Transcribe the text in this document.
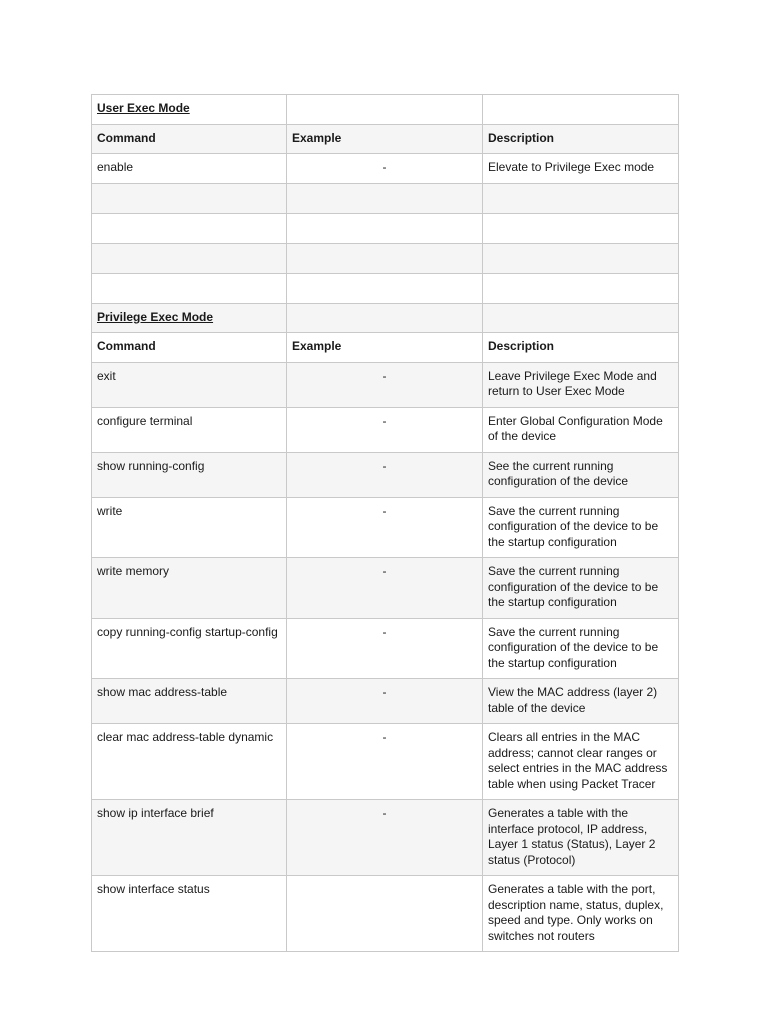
User Exec Mode		
Command	Example	Description
enable	-	Elevate to Privilege Exec mode

Privilege Exec Mode		
Command	Example	Description
exit	-	Leave Privilege Exec Mode and return to User Exec Mode
configure terminal	-	Enter Global Configuration Mode of the device
show running-config	-	See the current running configuration of the device
write	-	Save the current running configuration of the device to be the startup configuration
write memory	-	Save the current running configuration of the device to be the startup configuration
copy running-config startup-config	-	Save the current running configuration of the device to be the startup configuration
show mac address-table	-	View the MAC address (layer 2) table of the device
clear mac address-table dynamic	-	Clears all entries in the MAC address; cannot clear ranges or select entries in the MAC address table when using Packet Tracer
show ip interface brief	-	Generates a table with the interface protocol, IP address, Layer 1 status (Status), Layer 2 status (Protocol)
show interface status		Generates a table with the port, description name, status, duplex, speed and type. Only works on switches not routers
